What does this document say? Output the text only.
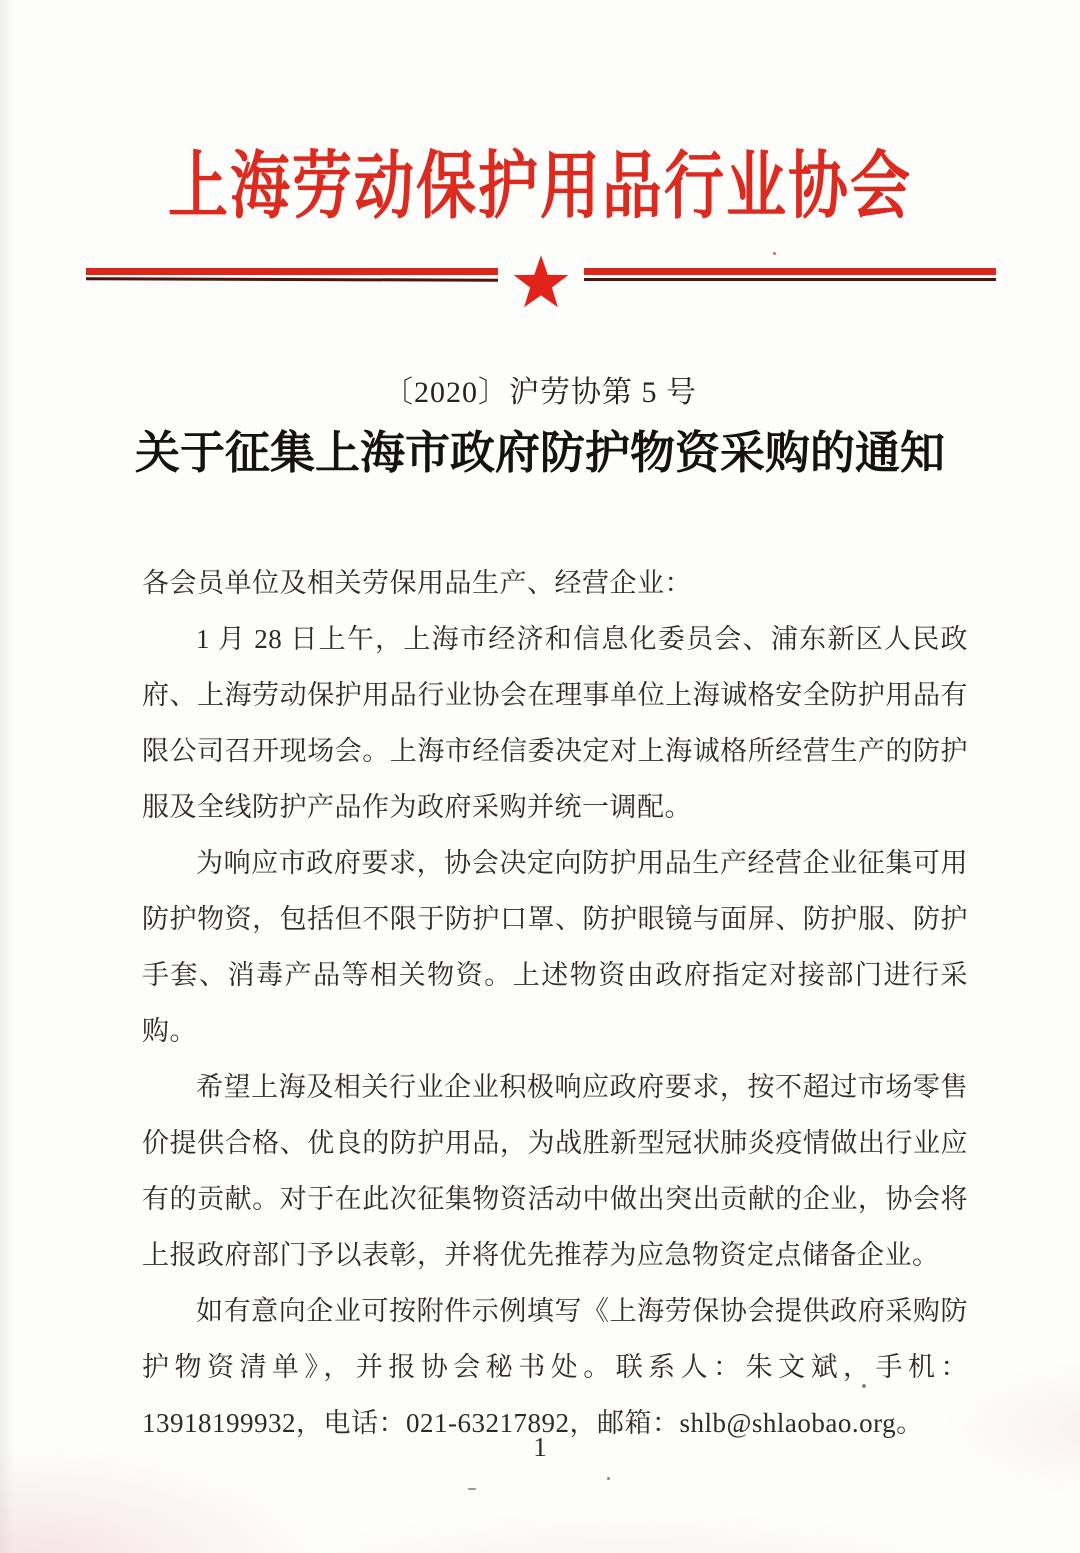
上海劳动保护用品行业协会
〔2020〕沪劳协第 5 号
关于征集上海市政府防护物资采购的通知

各会员单位及相关劳保用品生产、经营企业：

1 月 28 日上午，上海市经济和信息化委员会、浦东新区人民政府、上海劳动保护用品行业协会在理事单位上海诚格安全防护用品有限公司召开现场会。上海市经信委决定对上海诚格所经营生产的防护服及全线防护产品作为政府采购并统一调配。

为响应市政府要求，协会决定向防护用品生产经营企业征集可用防护物资，包括但不限于防护口罩、防护眼镜与面屏、防护服、防护手套、消毒产品等相关物资。上述物资由政府指定对接部门进行采购。

希望上海及相关行业企业积极响应政府要求，按不超过市场零售价提供合格、优良的防护用品，为战胜新型冠状肺炎疫情做出行业应有的贡献。对于在此次征集物资活动中做出突出贡献的企业，协会将上报政府部门予以表彰，并将优先推荐为应急物资定点储备企业。

如有意向企业可按附件示例填写《上海劳保协会提供政府采购防护物资清单》，并报协会秘书处。联系人：朱文斌，手机：13918199932，电话：021-63217892，邮箱：shlb@shlaobao.org。

1
